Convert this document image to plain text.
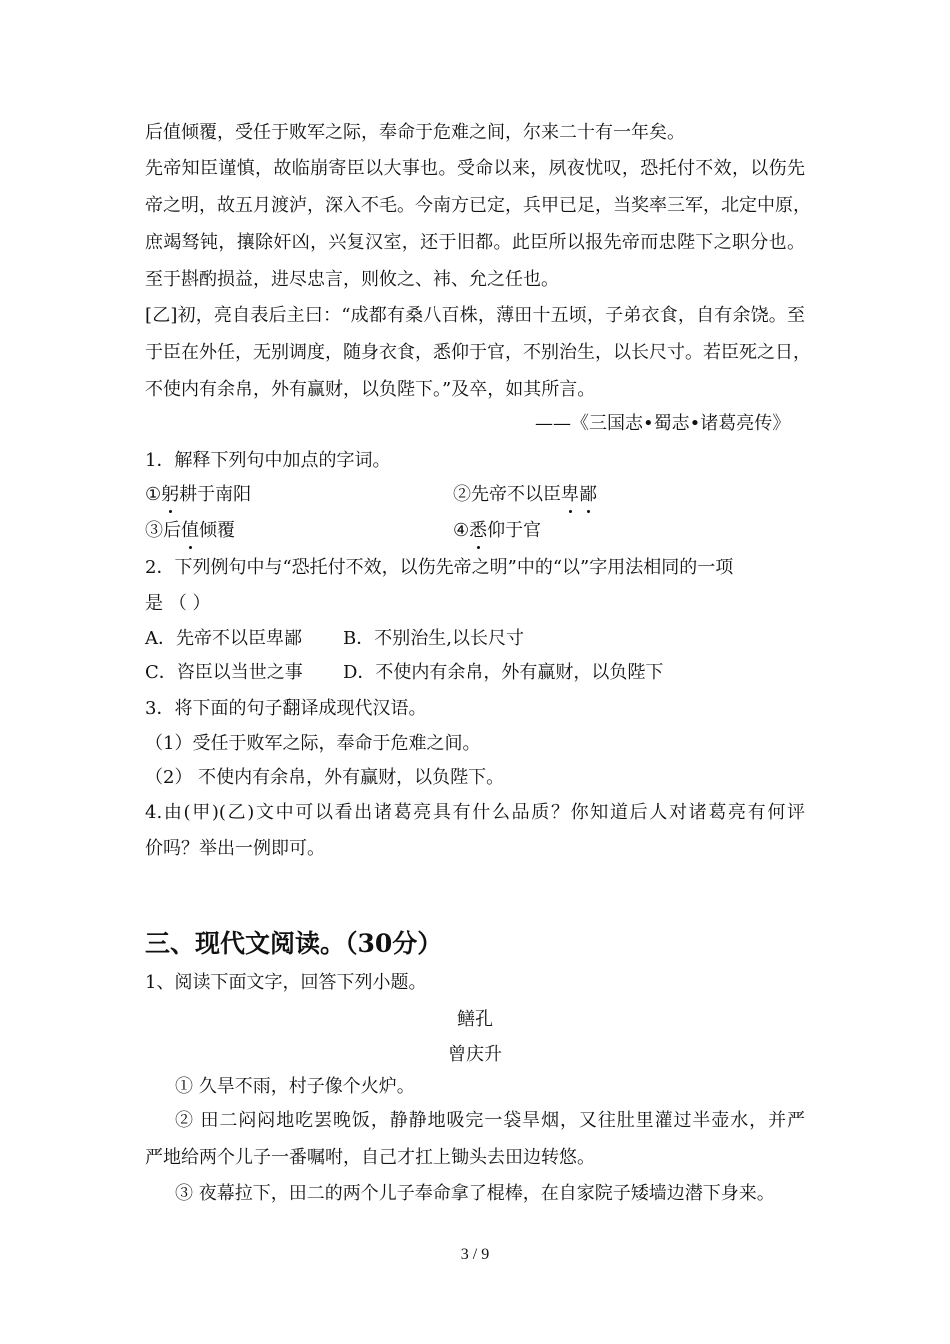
后值倾覆，受任于败军之际，奉命于危难之间，尔来二十有一年矣。
先帝知臣谨慎，故临崩寄臣以大事也。受命以来，夙夜忧叹，恐托付不效，以伤先
帝之明，故五月渡泸，深入不毛。今南方已定，兵甲已足，当奖率三军，北定中原，
庶竭驽钝，攘除奸凶，兴复汉室，还于旧都。此臣所以报先帝而忠陛下之职分也。
至于斟酌损益，进尽忠言，则攸之、袆、允之任也。
[乙]初，亮自表后主曰：“成都有桑八百株，薄田十五顷，子弟衣食，自有余饶。至
于臣在外任，无别调度，随身衣食，悉仰于官，不别治生，以长尺寸。若臣死之日，
不使内有余帛，外有赢财，以负陛下。”及卒，如其所言。
——《三国志•蜀志•诸葛亮传》
1．解释下列句中加点的字词。
①躬耕于南阳	②先帝不以臣卑鄙
③后值倾覆	④悉仰于官
2．下列例句中与“恐托付不效，以伤先帝之明”中的“以”字用法相同的一项
是 （ ）
A．先帝不以臣卑鄙 B．不别治生,以长尺寸
C．咨臣以当世之事 D．不使内有余帛，外有赢财，以负陛下
3．将下面的句子翻译成现代汉语。
（1）受任于败军之际，奉命于危难之间。
（2） 不使内有余帛，外有赢财，以负陛下。
4.由(甲)(乙)文中可以看出诸葛亮具有什么品质？你知道后人对诸葛亮有何评
价吗？举出一例即可。
三、现代文阅读。（30分）
1、阅读下面文字，回答下列小题。
鳝孔
曾庆升
① 久旱不雨，村子像个火炉。
② 田二闷闷地吃罢晚饭，静静地吸完一袋旱烟，又往肚里灌过半壶水，并严
严地给两个儿子一番嘱咐，自己才扛上锄头去田边转悠。
③ 夜幕拉下，田二的两个儿子奉命拿了棍棒，在自家院子矮墙边潜下身来。
3 / 9
